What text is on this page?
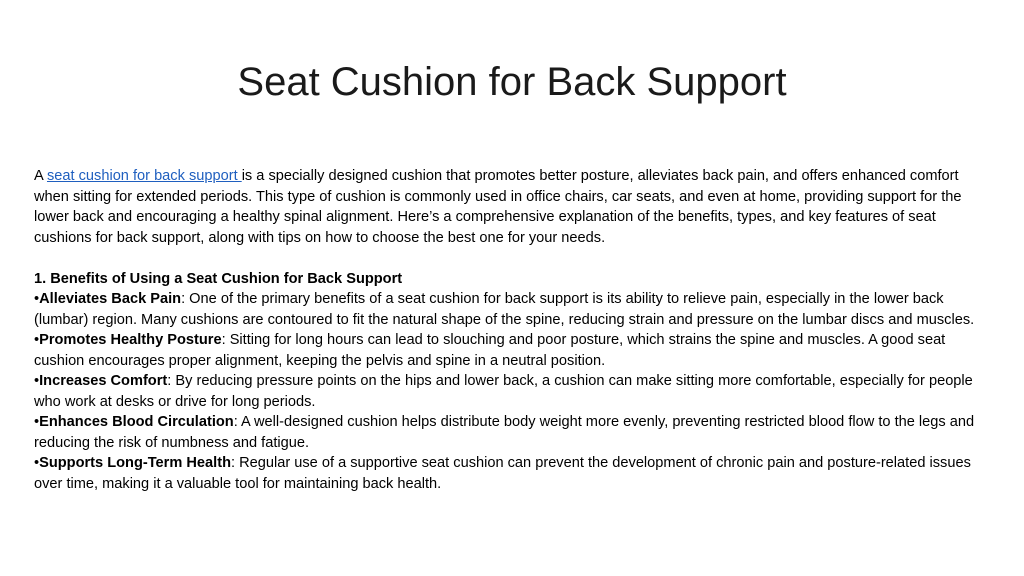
Seat Cushion for Back Support

A seat cushion for back support is a specially designed cushion that promotes better posture, alleviates back pain, and offers enhanced comfort when sitting for extended periods. This type of cushion is commonly used in office chairs, car seats, and even at home, providing support for the lower back and encouraging a healthy spinal alignment. Here’s a comprehensive explanation of the benefits, types, and key features of seat cushions for back support, along with tips on how to choose the best one for your needs.

1. Benefits of Using a Seat Cushion for Back Support

•Alleviates Back Pain: One of the primary benefits of a seat cushion for back support is its ability to relieve pain, especially in the lower back (lumbar) region. Many cushions are contoured to fit the natural shape of the spine, reducing strain and pressure on the lumbar discs and muscles.

•Promotes Healthy Posture: Sitting for long hours can lead to slouching and poor posture, which strains the spine and muscles. A good seat cushion encourages proper alignment, keeping the pelvis and spine in a neutral position.

•Increases Comfort: By reducing pressure points on the hips and lower back, a cushion can make sitting more comfortable, especially for people who work at desks or drive for long periods.

•Enhances Blood Circulation: A well-designed cushion helps distribute body weight more evenly, preventing restricted blood flow to the legs and reducing the risk of numbness and fatigue.

•Supports Long-Term Health: Regular use of a supportive seat cushion can prevent the development of chronic pain and posture-related issues over time, making it a valuable tool for maintaining back health.
